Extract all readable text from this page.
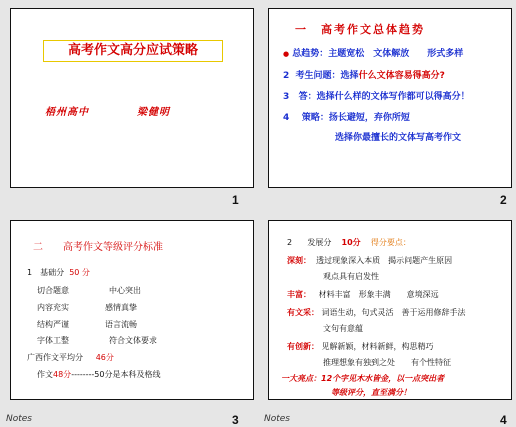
高考作文高分应试策略
梧州高中	梁健明
1
一　高考作文总体趋势
● 总趋势：主题宽松　文体解放　　形式多样
2 考生问题：选择什么文体容易得高分?
3 答：选择什么样的文体写作都可以得高分！
4 策略：扬长避短，弃你所短
选择你最擅长的文体写高考作文
2
二　　高考作文等级评分标准
1　基础分 50 分
切合题意	中心突出
内容充实	感情真挚
结构严谨	语言流畅
字体工整	符合文体要求
广西作文平均分 46分
作文48分--------50分是本科及格线
3
Notes
2 发展分 10分 得分要点：
深刻： 透过现象深入本质　揭示问题产生原因
观点具有启发性
丰富： 材料丰富　形象丰满　　意境深远
有文采： 词语生动，句式灵活　善于运用修辞手法
文句有意蕴
有创新： 见解新颖，材料新鲜，构思精巧
推理想象有独到之处　　有个性特征
一大亮点：12个字见木水皆金，以一点突出者
等级评分，直至满分！
4
Notes
